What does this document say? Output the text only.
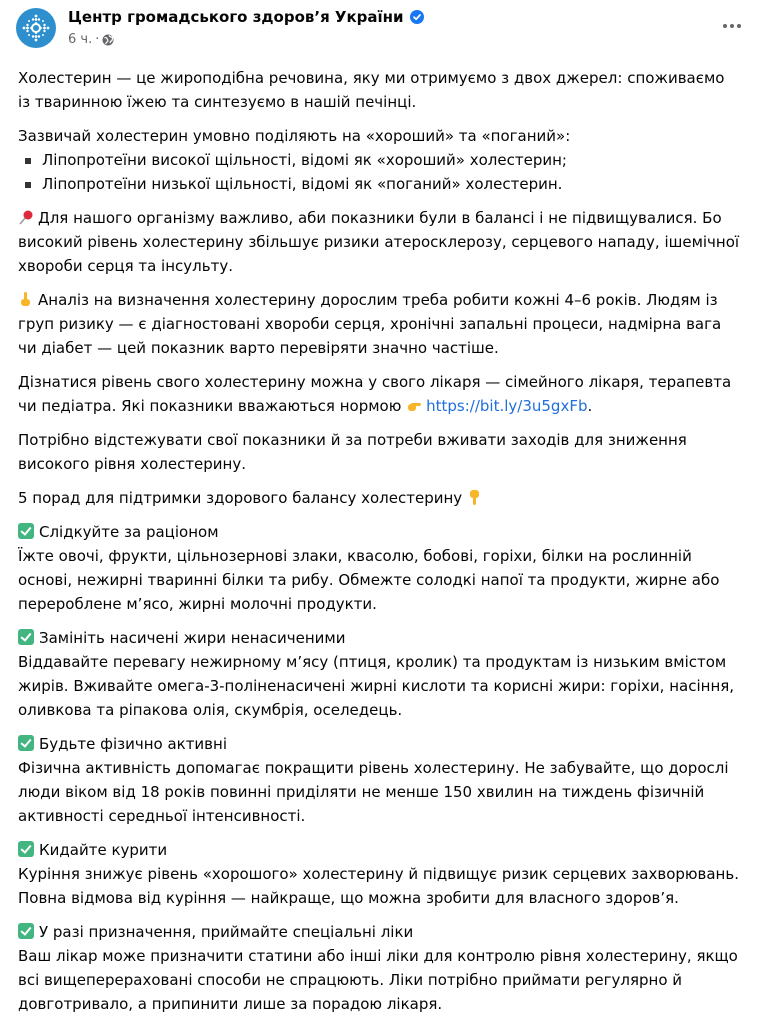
Центр громадського здоров’я України
6 ч. ·

Холестерин — це жироподібна речовина, яку ми отримуємо з двох джерел: споживаємо із тваринною їжею та синтезуємо в нашій печінці.

Зазвичай холестерин умовно поділяють на «хороший» та «поганий»:
Ліпопротеїни високої щільності, відомі як «хороший» холестерин;
Ліпопротеїни низької щільності, відомі як «поганий» холестерин.

Для нашого організму важливо, аби показники були в балансі і не підвищувалися. Бо високий рівень холестерину збільшує ризики атеросклерозу, серцевого нападу, ішемічної хвороби серця та інсульту.

Аналіз на визначення холестерину дорослим треба робити кожні 4–6 років. Людям із груп ризику — є діагностовані хвороби серця, хронічні запальні процеси, надмірна вага чи діабет — цей показник варто перевіряти значно частіше.

Дізнатися рівень свого холестерину можна у свого лікаря — сімейного лікаря, терапевта чи педіатра. Які показники вважаються нормою https://bit.ly/3u5gxFb.

Потрібно відстежувати свої показники й за потреби вживати заходів для зниження високого рівня холестерину.

5 порад для підтримки здорового балансу холестерину

Слідкуйте за раціоном
Їжте овочі, фрукти, цільнозернові злаки, квасолю, бобові, горіхи, білки на рослинній основі, нежирні тваринні білки та рибу. Обмежте солодкі напої та продукти, жирне або перероблене м’ясо, жирні молочні продукти.
Замініть насичені жири ненасиченими
Віддавайте перевагу нежирному м’ясу (птиця, кролик) та продуктам із низьким вмістом жирів. Вживайте омега-3-поліненасичені жирні кислоти та корисні жири: горіхи, насіння, оливкова та ріпакова олія, скумбрія, оселедець.
Будьте фізично активні
Фізична активність допомагає покращити рівень холестерину. Не забувайте, що дорослі люди віком від 18 років повинні приділяти не менше 150 хвилин на тиждень фізичній активності середньої інтенсивності.
Кидайте курити
Куріння знижує рівень «хорошого» холестерину й підвищує ризик серцевих захворювань. Повна відмова від куріння — найкраще, що можна зробити для власного здоров’я.
У разі призначення, приймайте спеціальні ліки
Ваш лікар може призначити статини або інші ліки для контролю рівня холестерину, якщо всі вищеперераховані способи не спрацюють. Ліки потрібно приймати регулярно й довготривало, а припинити лише за порадою лікаря.
